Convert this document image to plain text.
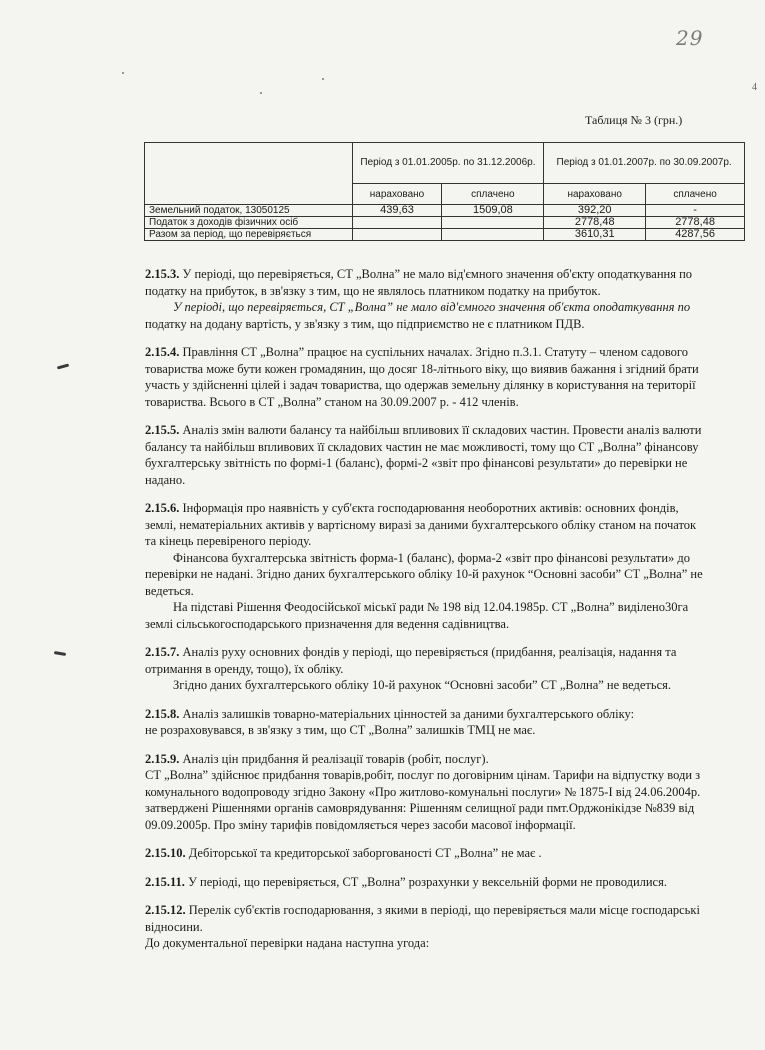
29
4
Таблиця № 3 (грн.)
	Період з 01.01.2005р. по 31.12.2006р.		Період з 01.01.2007р. по 30.09.2007р.	
	нараховано	сплачено	нараховано	сплачено
Земельний податок, 13050125	439,63	1509,08	392,20	-
Податок з доходів фізичних осіб			2778,48	2778,48
Разом за період, що перевіряється			3610,31	4287,56

2.15.3. У періоді, що перевіряється, СТ „Волна” не мало від'ємного значення об'єкту оподаткування по

податку на прибуток, в зв'язку з тим, що не являлось платником податку на прибуток.

У періоді, що перевіряється, СТ „Волна” не мало від'ємного значення об'єкта оподаткування по

податку на додану вартість, у зв'язку з тим, що підприємство не є платником ПДВ.

2.15.4. Правління СТ „Волна” працює на суспільних началах. Згідно п.3.1. Статуту – членом садового

товариства може бути кожен громадянин, що досяг 18-літнього віку, що виявив бажання і згідний брати

участь у здійсненні цілей і задач товариства, що одержав земельну ділянку в користування на території

товариства. Всього в СТ „Волна” станом на 30.09.2007 р. - 412 членів.

2.15.5. Аналіз змін валюти балансу та найбільш впливових її складових частин. Провести аналіз валюти

балансу та найбільш впливових її складових частин не має можливості, тому що СТ „Волна” фінансову

бухгалтерську звітність по формі-1 (баланс), формі-2 «звіт про фінансові результати» до перевірки не

надано.

2.15.6. Інформація про наявність у суб'єкта господарювання необоротних активів: основних фондів,

землі, нематеріальних активів у вартісному виразі за даними бухгалтерського обліку станом на початок

та кінець перевіреного періоду.

Фінансова бухгалтерська звітність форма-1 (баланс), форма-2 «звіт про фінансові результати» до

перевірки не надані. Згідно даних бухгалтерського обліку 10-й рахунок “Основні засоби” СТ „Волна” не

ведеться.

На підставі Рішення Феодосійської міськї ради № 198 від 12.04.1985р. СТ „Волна” виділено30га

землі сільськогосподарського призначення для ведення садівництва.

2.15.7. Аналіз руху основних фондів у періоді, що перевіряється (придбання, реалізація, надання та

отримання в оренду, тощо), їх обліку.

Згідно даних бухгалтерського обліку 10-й рахунок “Основні засоби” СТ „Волна” не ведеться.

2.15.8. Аналіз залишків товарно-матеріальних цінностей за даними бухгалтерського обліку:

не розраховувався, в зв'язку з тим, що СТ „Волна” залишків ТМЦ не має.

2.15.9. Аналіз цін придбання й реалізації товарів (робіт, послуг).

СТ „Волна” здійснює придбання товарів,робіт, послуг по договірним цінам. Тарифи на відпустку води з

комунального водопроводу згідно Закону «Про житлово-комунальні послуги» № 1875-І від 24.06.2004р.

затверджені Рішеннями органів самоврядування: Рішенням селищної ради пмт.Орджонікідзе №839 від

09.09.2005р. Про зміну тарифів повідомляється через засоби масової інформації.

2.15.10. Дебіторської та кредиторської заборгованості СТ „Волна” не має .

2.15.11. У періоді, що перевіряється, СТ „Волна” розрахунки у вексельній форми не проводилися.

2.15.12. Перелік суб'єктів господарювання, з якими в періоді, що перевіряється мали місце господарські

відносини.

До документальної перевірки надана наступна угода:
